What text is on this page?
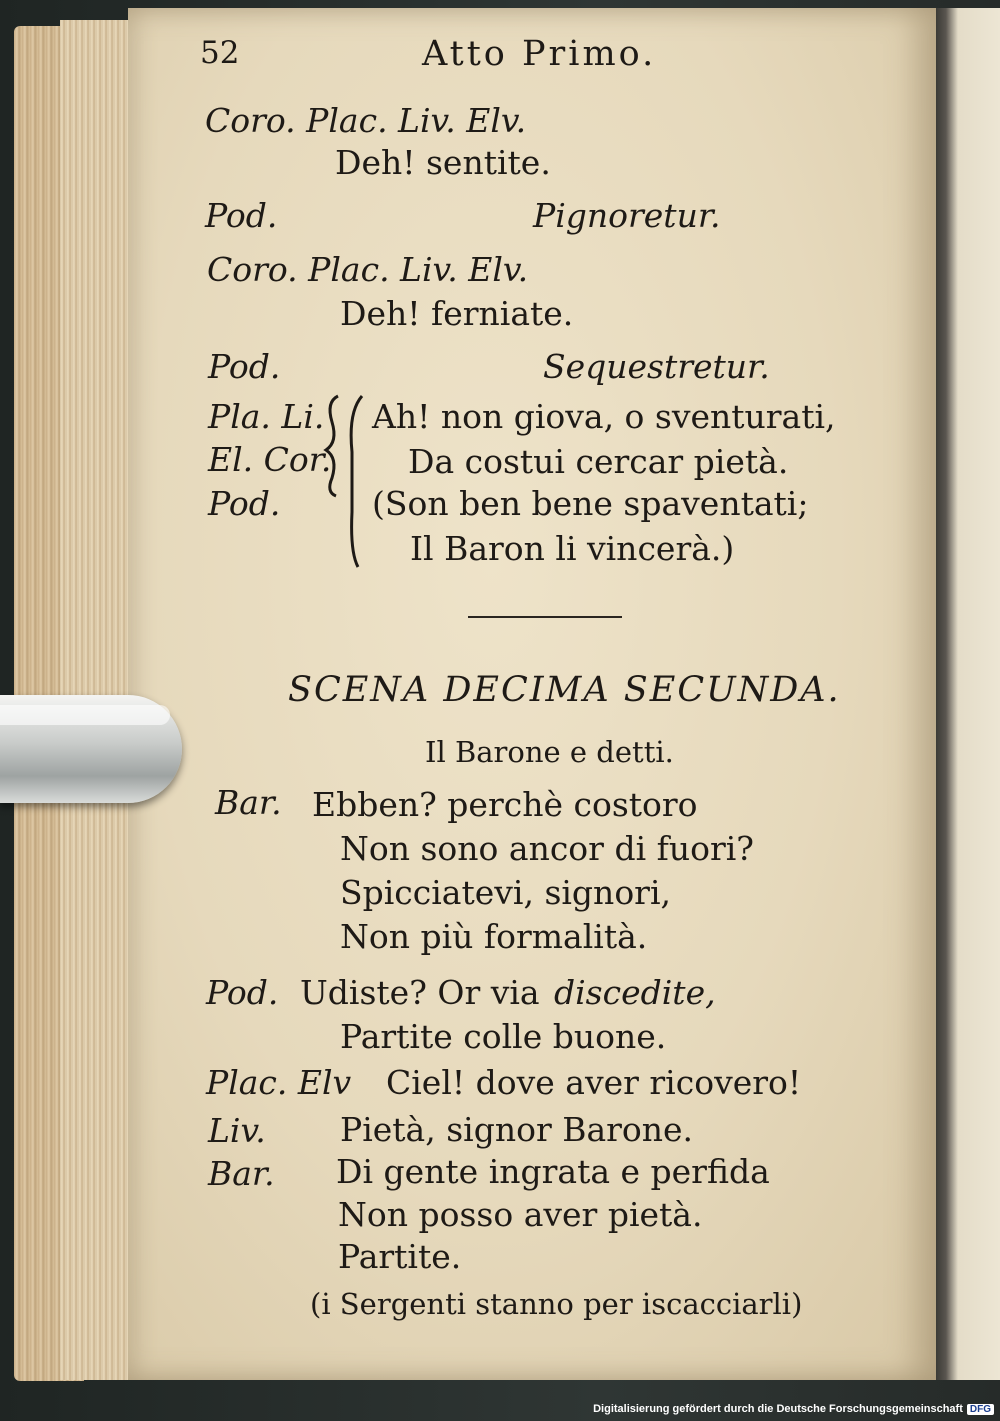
52	Atto Primo.
Coro. Plac. Liv. Elv.
Deh! sentite.
Pod.	Pignoretur.
Coro. Plac. Liv. Elv.
Deh! ferniate.
Pod.	Sequestretur.
Pla. Li.
El. Cor.
Pod.
Ah! non giova, o sventurati,
Da costui cercar pietà.
(Son ben bene spaventati;
Il Baron li vincerà.)
SCENA DECIMA SECUNDA.
Il Barone e detti.
Bar. Ebben? perchè costoro
Non sono ancor di fuori?
Spicciatevi, signori,
Non più formalità.
Pod. Udiste? Or via discedite,
Partite colle buone.
Plac. Elv Ciel! dove aver ricovero!
Liv. Pietà, signor Barone.
Bar. Di gente ingrata e perfida
Non posso aver pietà.
Partite.
(i Sergenti stanno per iscacciarli)
Digitalisierung gefördert durch die Deutsche Forschungsgemeinschaft DFG
